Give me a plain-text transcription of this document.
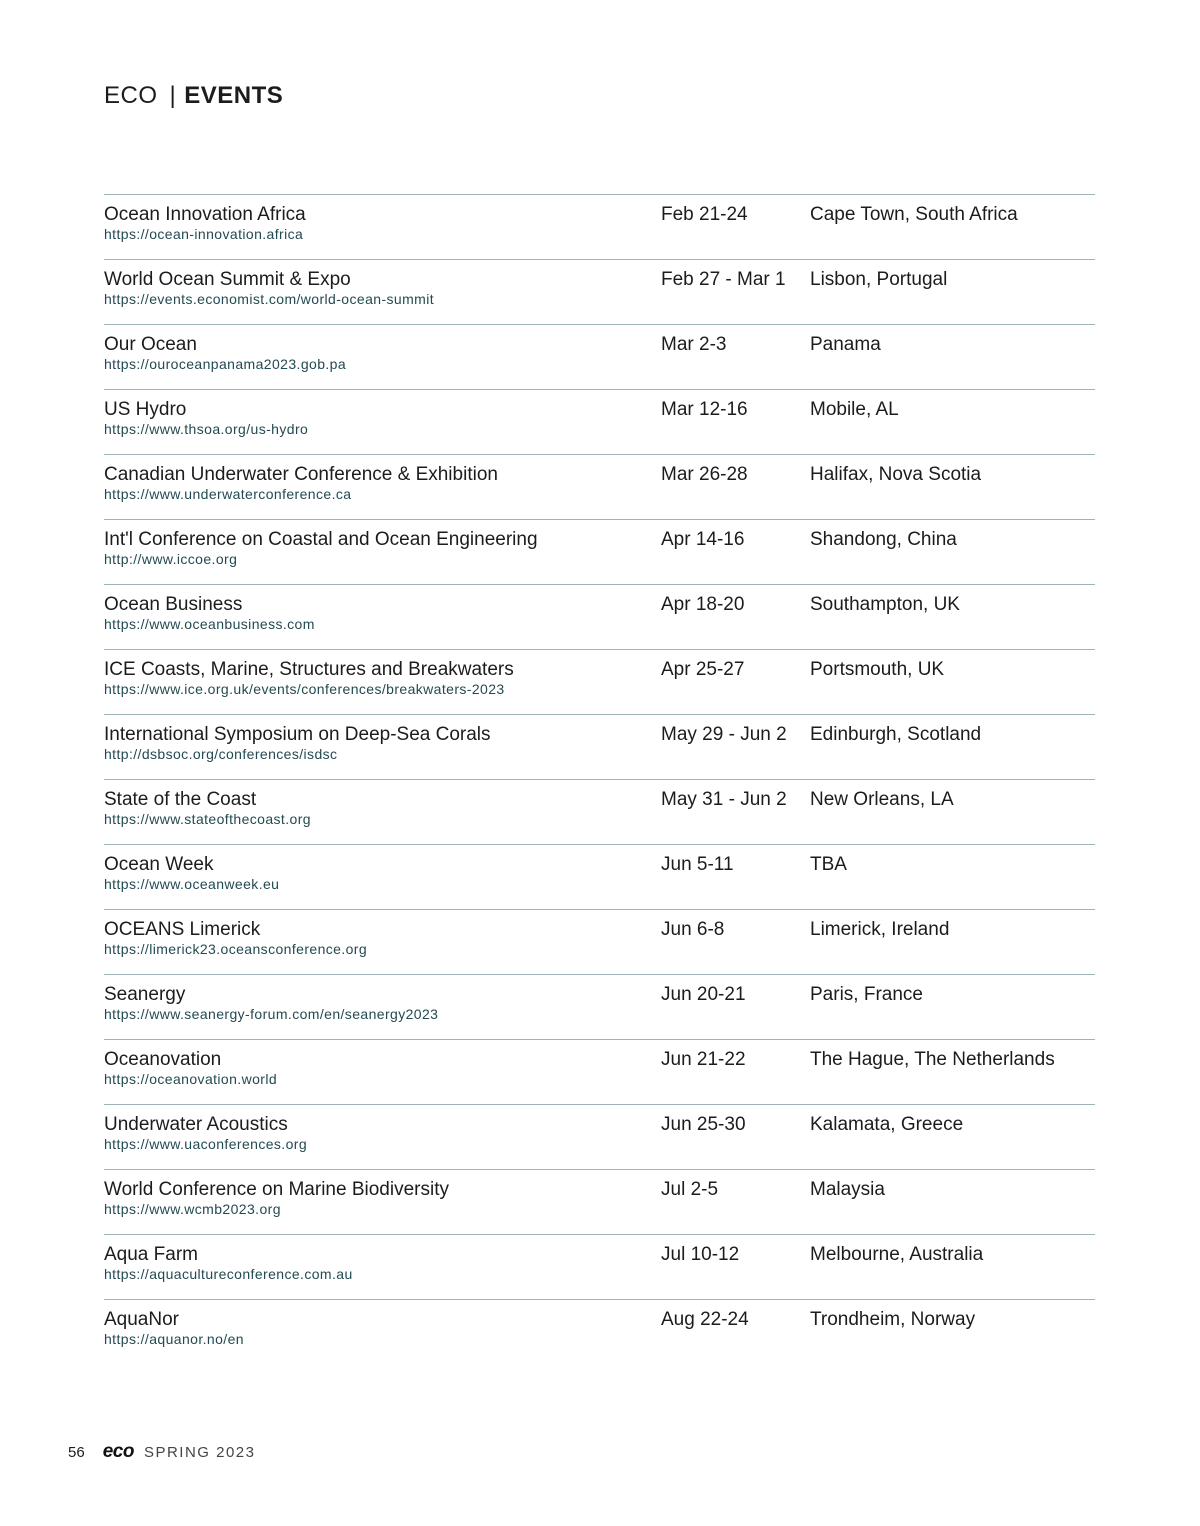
ECO | EVENTS
Ocean Innovation Africa
https://ocean-innovation.africa
Feb 21-24	Cape Town, South Africa
World Ocean Summit & Expo
https://events.economist.com/world-ocean-summit
Feb 27 - Mar 1 Lisbon, Portugal
Our Ocean
https://ouroceanpanama2023.gob.pa
Mar 2-3	Panama
US Hydro
https://www.thsoa.org/us-hydro
Mar 12-16	Mobile, AL
Canadian Underwater Conference & Exhibition
https://www.underwaterconference.ca
Mar 26-28	Halifax, Nova Scotia
Int'l Conference on Coastal and Ocean Engineering
http://www.iccoe.org
Apr 14-16	Shandong, China
Ocean Business
https://www.oceanbusiness.com
Apr 18-20	Southampton, UK
ICE Coasts, Marine, Structures and Breakwaters
https://www.ice.org.uk/events/conferences/breakwaters-2023
Apr 25-27	Portsmouth, UK
International Symposium on Deep-Sea Corals
http://dsbsoc.org/conferences/isdsc
May 29 - Jun 2 Edinburgh, Scotland
State of the Coast
https://www.stateofthecoast.org
May 31 - Jun 2 New Orleans, LA
Ocean Week
https://www.oceanweek.eu
Jun 5-11	TBA
OCEANS Limerick
https://limerick23.oceansconference.org
Jun 6-8	Limerick, Ireland
Seanergy
https://www.seanergy-forum.com/en/seanergy2023
Jun 20-21	Paris, France
Oceanovation
https://oceanovation.world
Jun 21-22	The Hague, The Netherlands
Underwater Acoustics
https://www.uaconferences.org
Jun 25-30	Kalamata, Greece
World Conference on Marine Biodiversity
https://www.wcmb2023.org
Jul 2-5	Malaysia
Aqua Farm
https://aquacultureconference.com.au
Jul 10-12	Melbourne, Australia
AquaNor
https://aquanor.no/en
Aug 22-24	Trondheim, Norway
56 eco SPRING 2023
